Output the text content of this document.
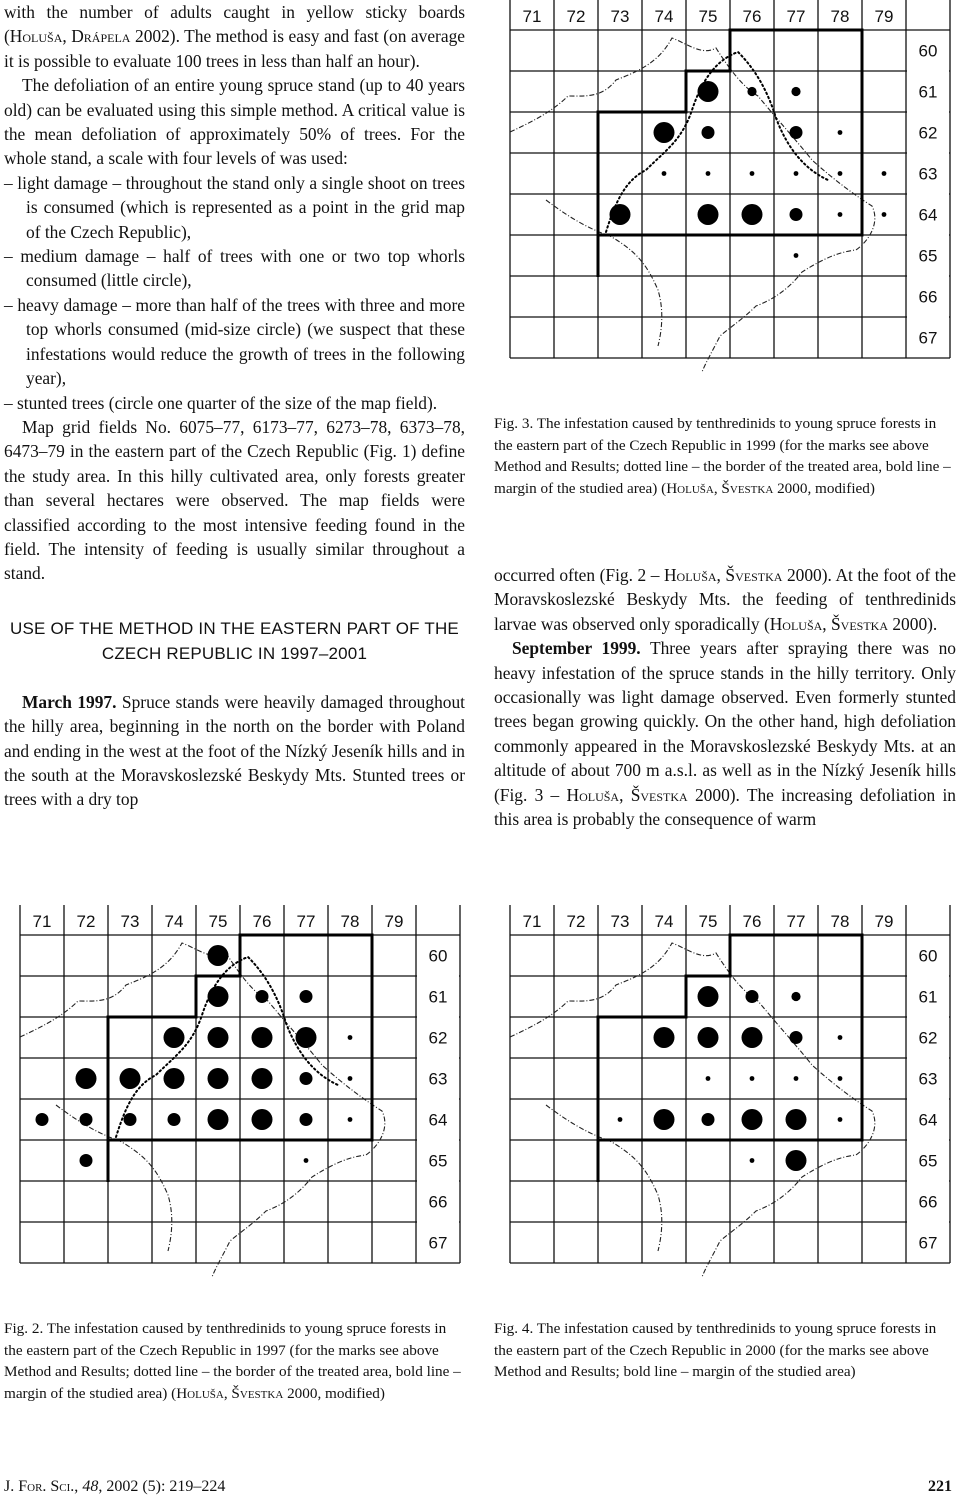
with the number of adults caught in yellow sticky boards (Holuša, Drápela 2002). The method is easy and fast (on average it is possible to evaluate 100 trees in less than half an hour).

The defoliation of an entire young spruce stand (up to 40 years old) can be evaluated using this simple method. A critical value is the mean defoliation of approximately 50% of trees. For the whole stand, a scale with four levels of was used:

– light damage – throughout the stand only a single shoot on trees is consumed (which is represented as a point in the grid map of the Czech Republic),

– medium damage – half of trees with one or two top whorls consumed (little circle),

– heavy damage – more than half of the trees with three and more top whorls consumed (mid-size circle) (we suspect that these infestations would reduce the growth of trees in the following year),

– stunted trees (circle one quarter of the size of the map field).

Map grid fields No. 6075–77, 6173–77, 6273–78, 6373–78, 6473–79 in the eastern part of the Czech Republic (Fig. 1) define the study area. In this hilly cultivated area, only forests greater than several hectares were observed. The map fields were classified according to the most intensive feeding found in the field. The intensity of feeding is usually similar throughout a stand.

USE OF THE METHOD IN THE EASTERN PART OF THE CZECH REPUBLIC IN 1997–2001

March 1997. Spruce stands were heavily damaged throughout the hilly area, beginning in the north on the border with Poland and ending in the west at the foot of the Nízký Jeseník hills and in the south at the Moravskoslezské Beskydy Mts. Stunted trees or trees with a dry top

occurred often (Fig. 2 – Holuša, Švestka 2000). At the foot of the Moravskoslezské Beskydy Mts. the feeding of tenthredinids larvae was observed only sporadically (Holuša, Švestka 2000).

September 1999. Three years after spraying there was no heavy infestation of the spruce stands in the hilly territory. Only occasionally was light damage observed. Even formerly stunted trees began growing quickly. On the other hand, high defoliation commonly appeared in the Moravskoslezské Beskydy Mts. at an altitude of about 700 m a.s.l. as well as in the Nízký Jeseník hills (Fig. 3 – Holuša, Švestka 2000). The increasing defoliation in this area is probably the consequence of warm

71 72 73 74 75 76 77 78 79
60
61
62
63
64
65
66
67
71 72 73 74 75 76 77 78 79
60
61
62
63
64
65
66
67
71 72 73 74 75 76 77 78 79
60
61
62
63
64
65
66
67
Fig. 3. The infestation caused by tenthredinids to young spruce forests in the eastern part of the Czech Republic in 1999 (for the marks see above Method and Results; dotted line – the border of the treated area, bold line – margin of the studied area) (Holuša, Švestka 2000, modified)
Fig. 2. The infestation caused by tenthredinids to young spruce forests in the eastern part of the Czech Republic in 1997 (for the marks see above Method and Results; dotted line – the border of the treated area, bold line – margin of the studied area) (Holuša, Švestka 2000, modified)
Fig. 4. The infestation caused by tenthredinids to young spruce forests in the eastern part of the Czech Republic in 2000 (for the marks see above Method and Results; bold line – margin of the studied area)
J. For. Sci., 48, 2002 (5): 219–224	221
